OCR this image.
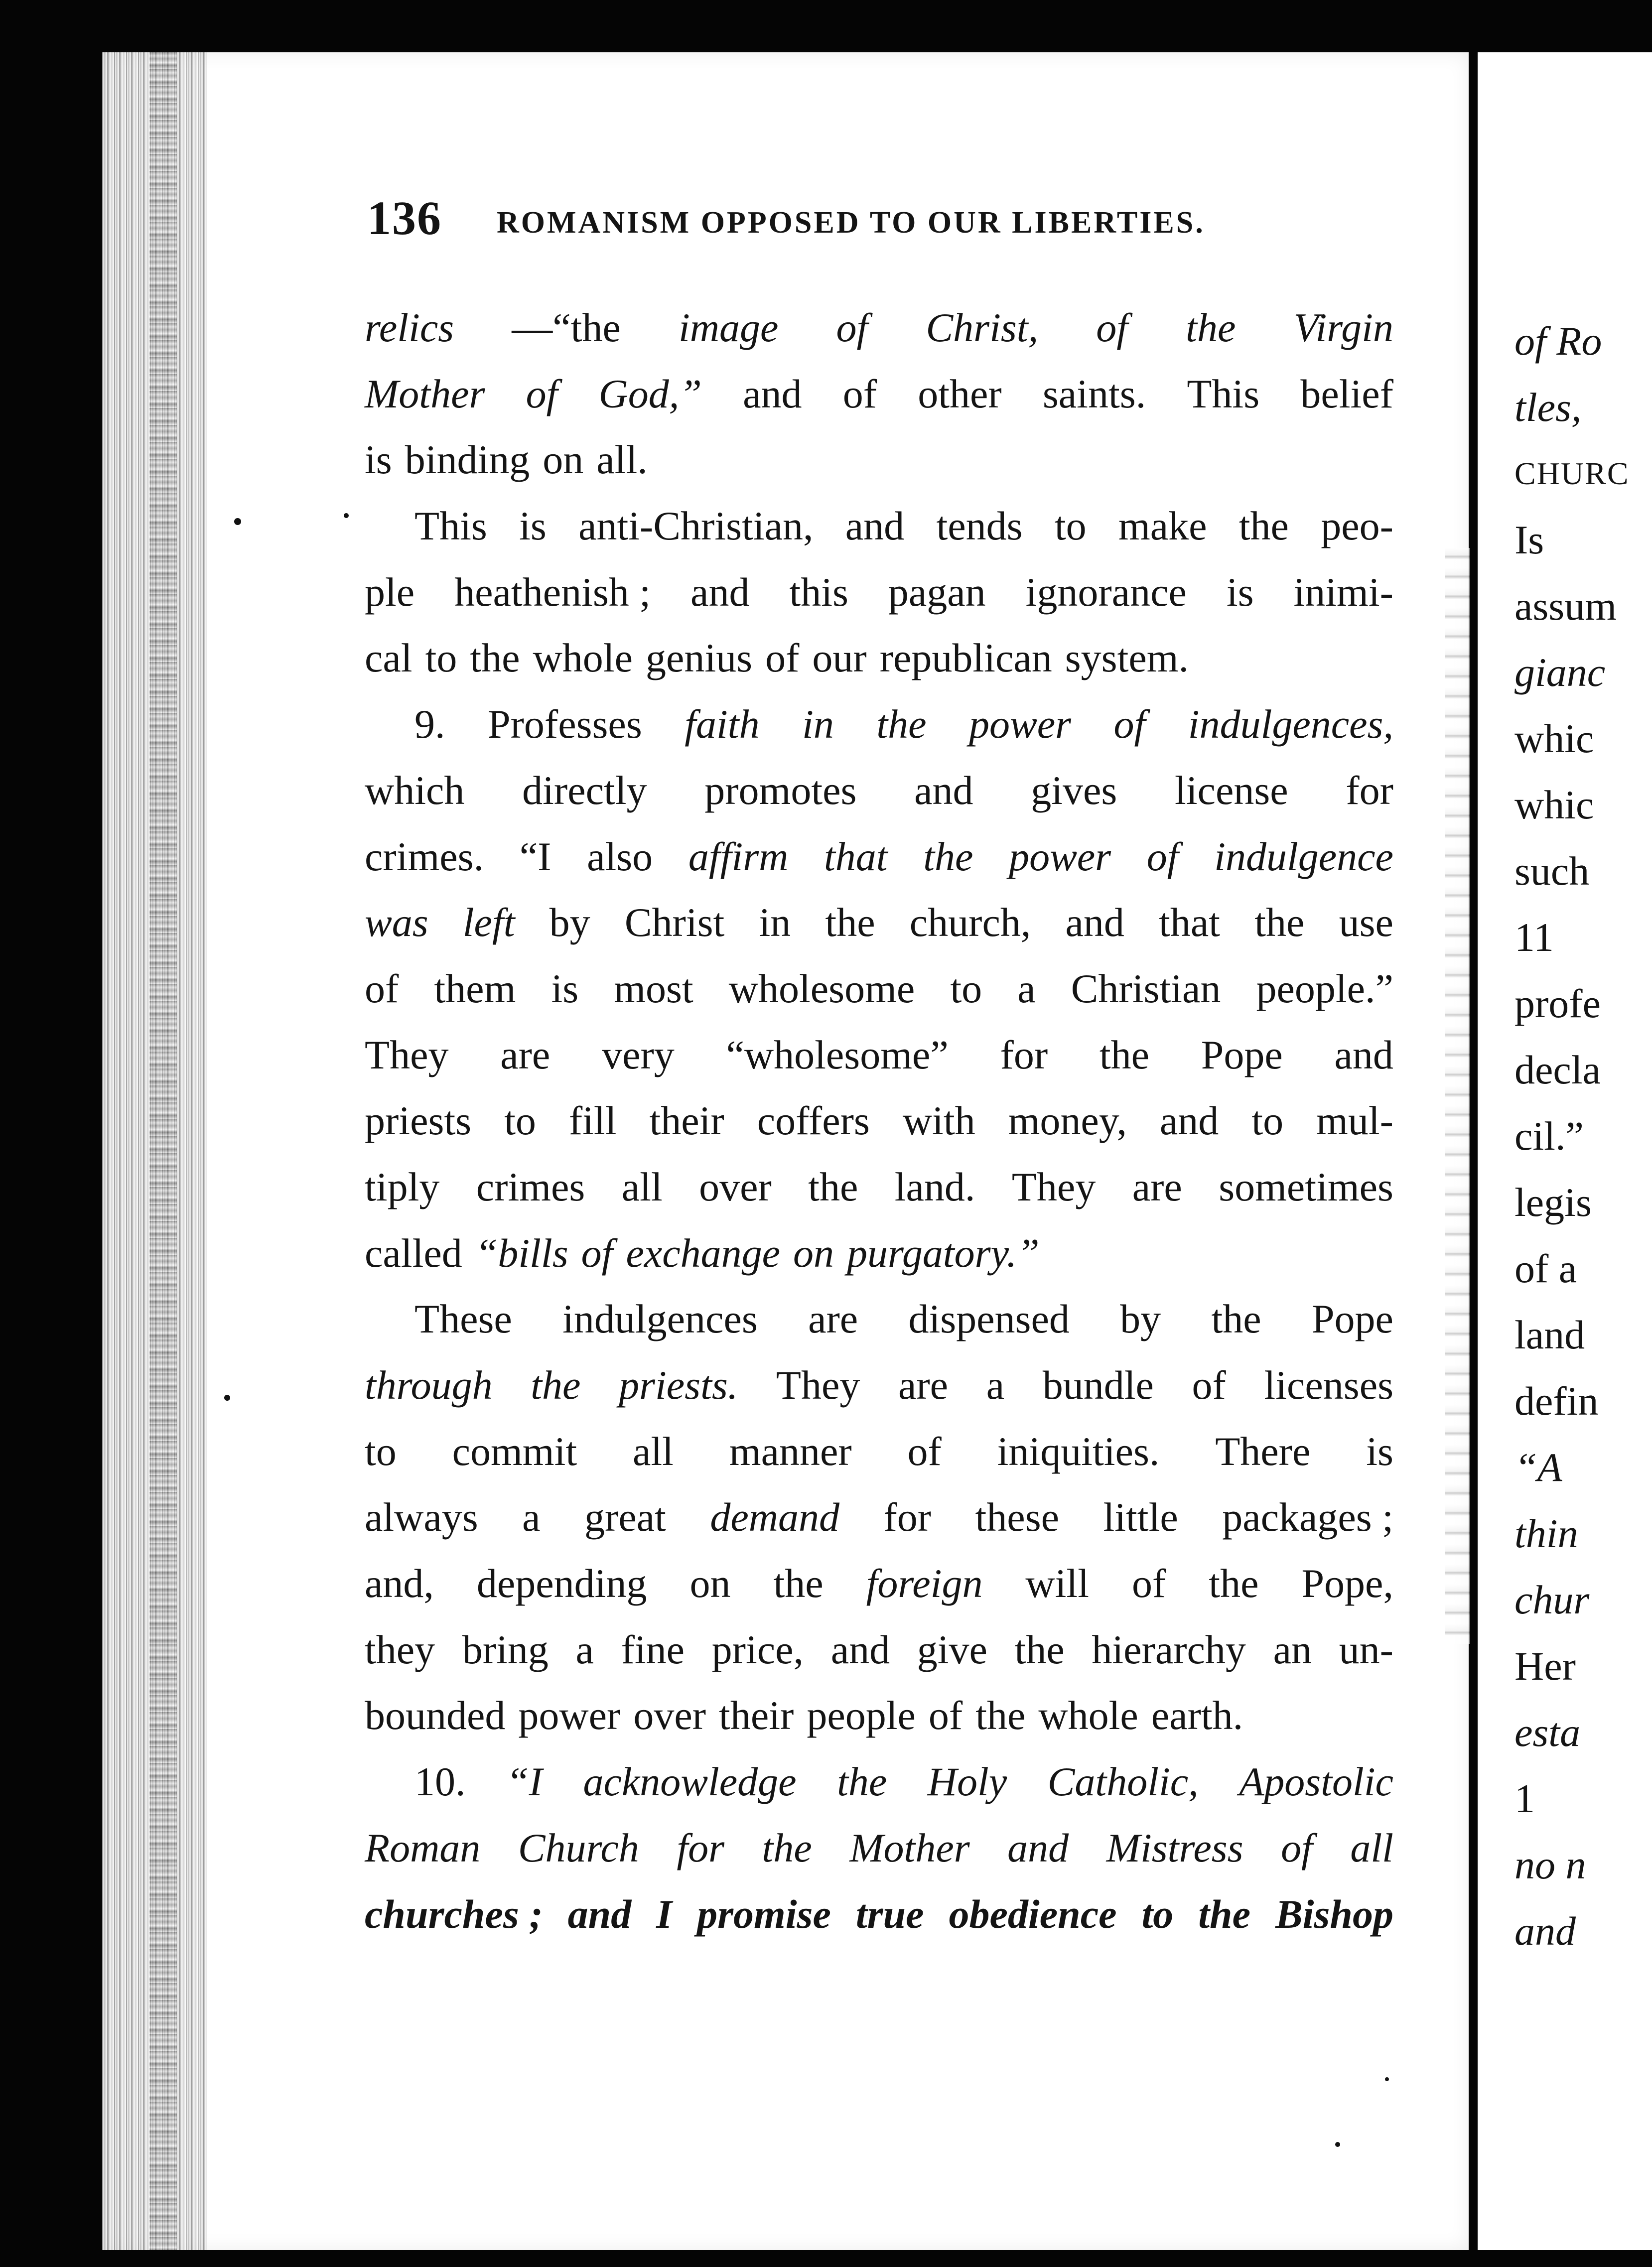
of Ro
tles,
CHURC
Is
assum
gianc
whic
whic
such
11
profe
decla
cil.”
legis
of a
land
defin
“A
thin
chur
Her
esta
1
no n
and
136 ROMANISM OPPOSED TO OUR LIBERTIES.
relics —“the image of Christ, of the Virgin
Mother of God,” and of other saints. This belief
is binding on all.
This is anti-Christian, and tends to make the peo-
ple heathenish ; and this pagan ignorance is inimi-
cal to the whole genius of our republican system.
9. Professes faith in the power of indulgences,
which directly promotes and gives license for
crimes. “I also affirm that the power of indulgence
was left by Christ in the church, and that the use
of them is most wholesome to a Christian people.”
They are very “wholesome” for the Pope and
priests to fill their coffers with money, and to mul-
tiply crimes all over the land. They are sometimes
called “bills of exchange on purgatory.”
These indulgences are dispensed by the Pope
through the priests. They are a bundle of licenses
to commit all manner of iniquities. There is
always a great demand for these little packages ;
and, depending on the foreign will of the Pope,
they bring a fine price, and give the hierarchy an un-
bounded power over their people of the whole earth.
10. “I acknowledge the Holy Catholic, Apostolic
Roman Church for the Mother and Mistress of all
churches ; and I promise true obedience to the Bishop
